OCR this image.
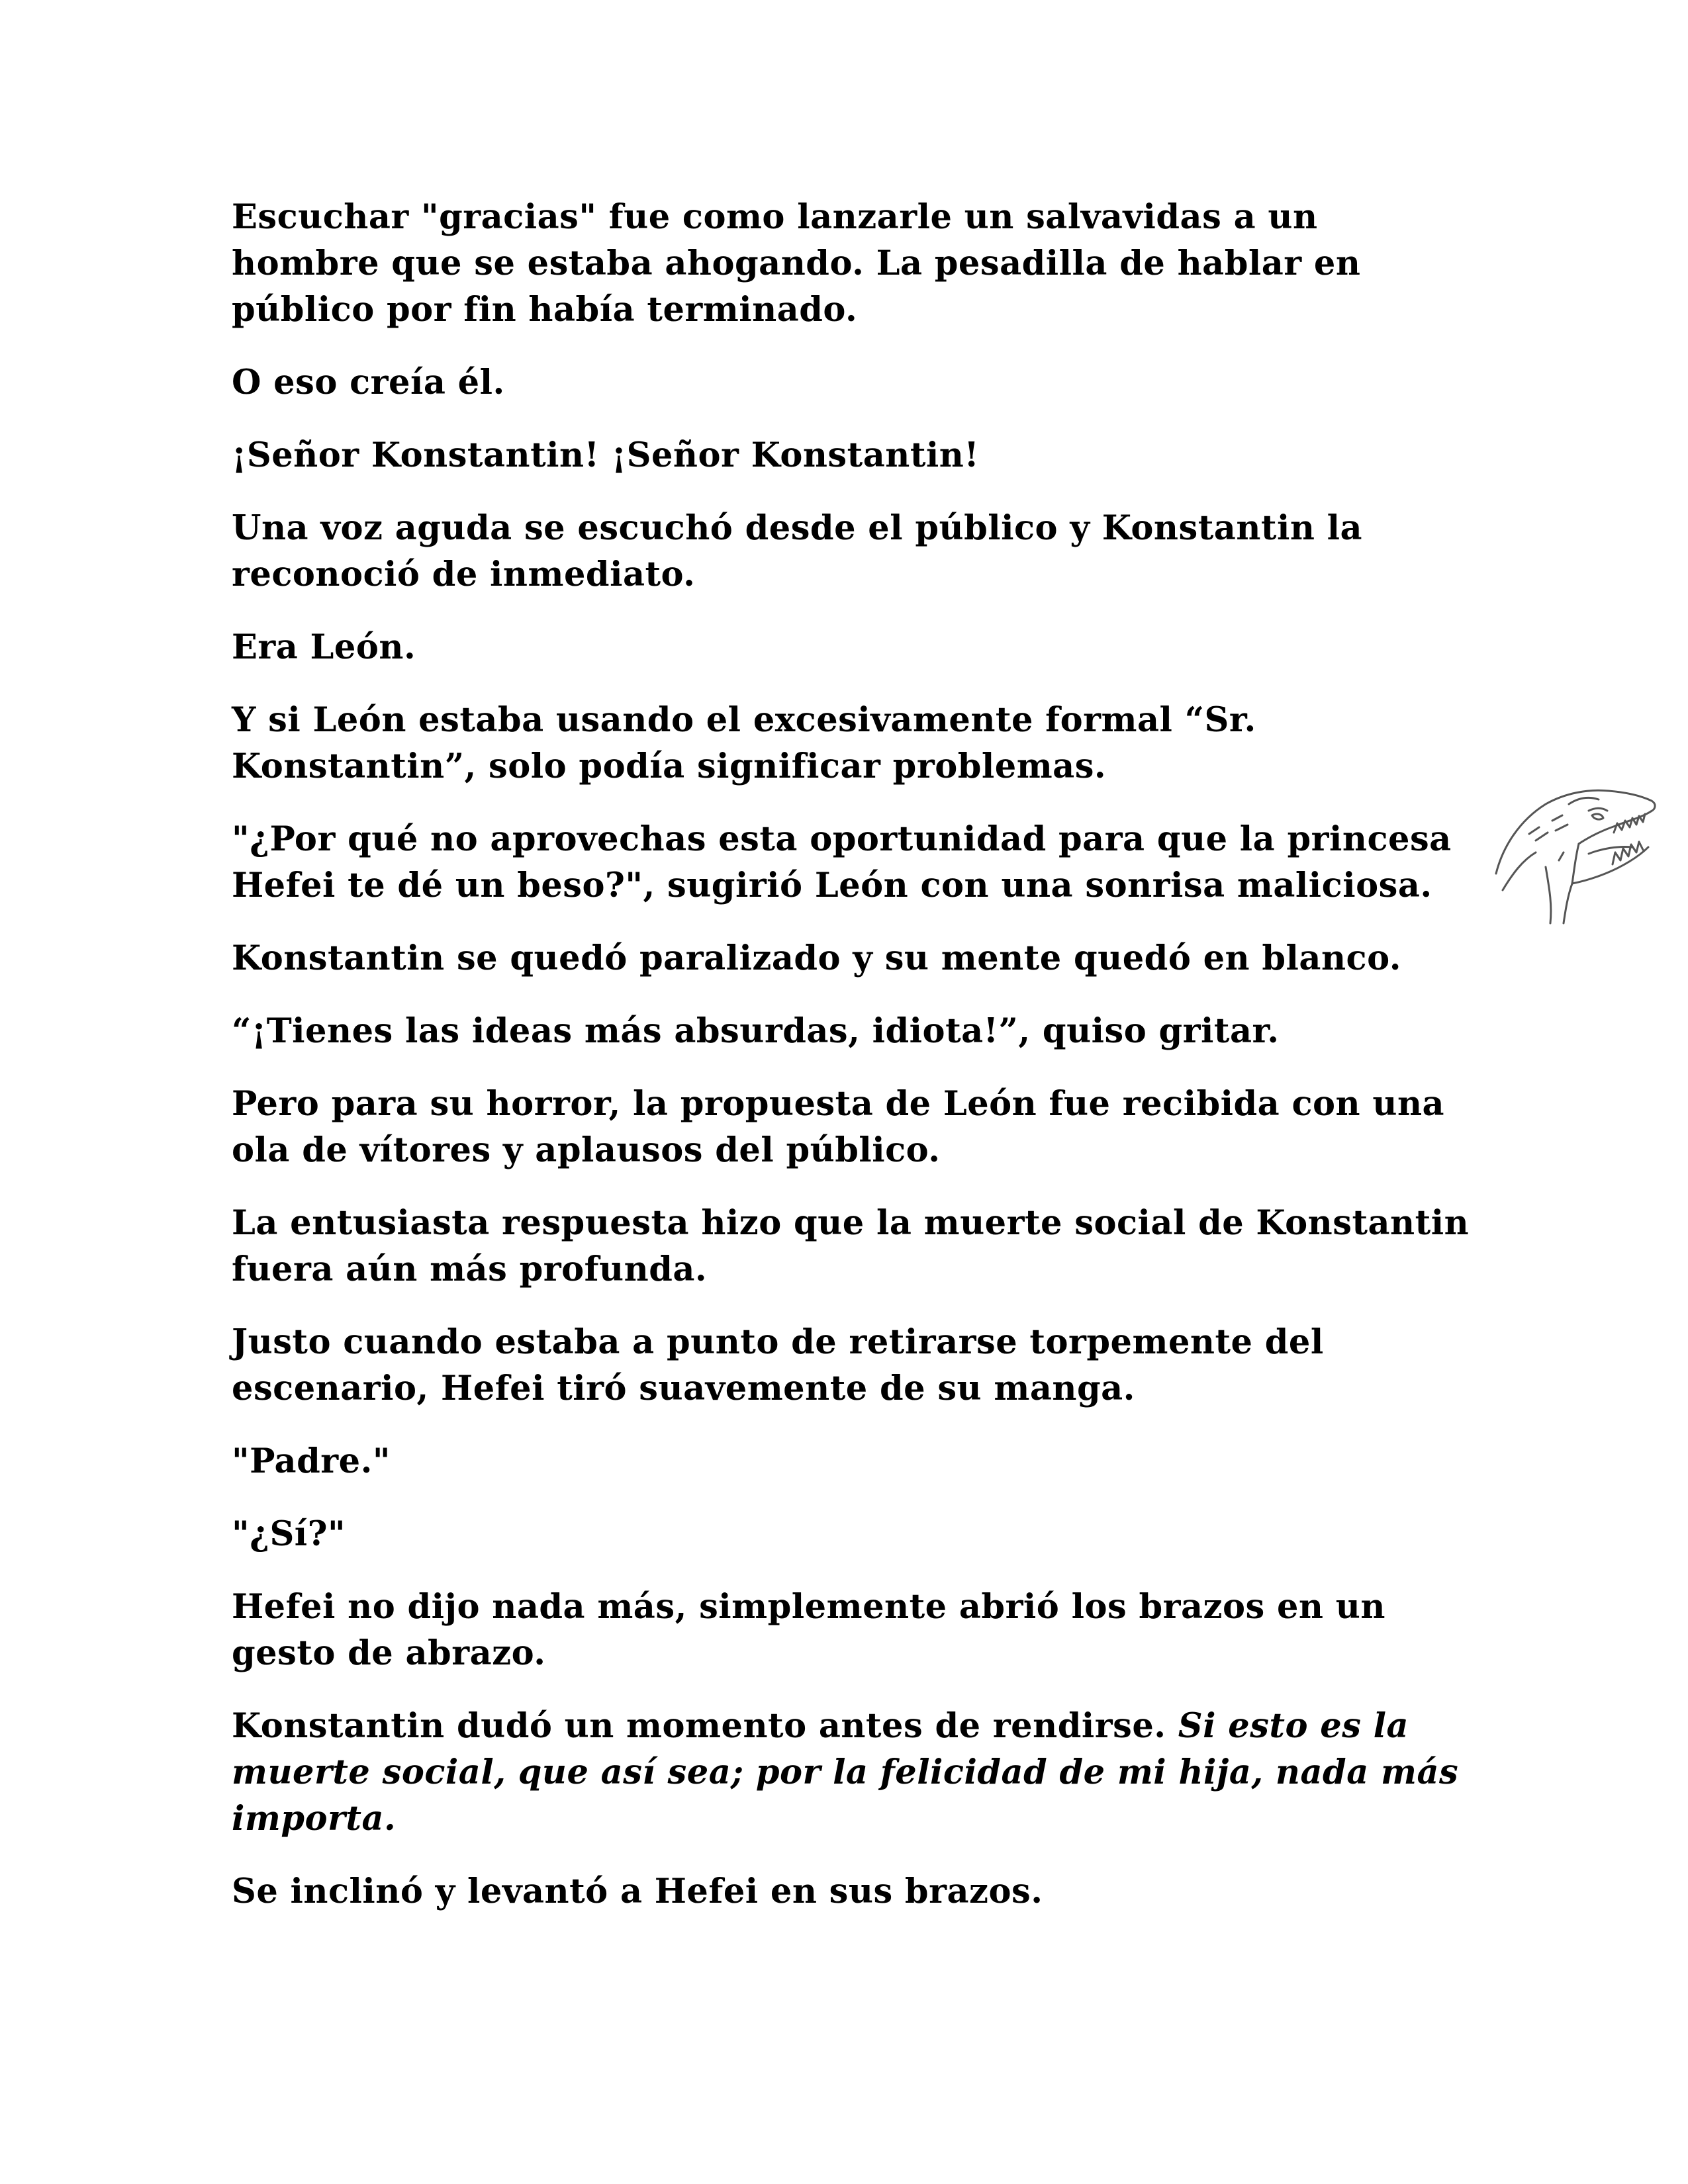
Escuchar "gracias" fue como lanzarle un salvavidas a un hombre que se estaba ahogando. La pesadilla de hablar en público por fin había terminado.

O eso creía él.

¡Señor Konstantin! ¡Señor Konstantin!

Una voz aguda se escuchó desde el público y Konstantin la reconoció de inmediato.

Era León.

Y si León estaba usando el excesivamente formal “Sr. Konstantin”, solo podía significar problemas.

"¿Por qué no aprovechas esta oportunidad para que la princesa Hefei te dé un beso?", sugirió León con una sonrisa maliciosa.

Konstantin se quedó paralizado y su mente quedó en blanco.

“¡Tienes las ideas más absurdas, idiota!”, quiso gritar.

Pero para su horror, la propuesta de León fue recibida con una ola de vítores y aplausos del público.

La entusiasta respuesta hizo que la muerte social de Konstantin fuera aún más profunda.

Justo cuando estaba a punto de retirarse torpemente del escenario, Hefei tiró suavemente de su manga.

"Padre."

"¿Sí?"

Hefei no dijo nada más, simplemente abrió los brazos en un gesto de abrazo.

Konstantin dudó un momento antes de rendirse. Si esto es la muerte social, que así sea; por la felicidad de mi hija, nada más importa.

Se inclinó y levantó a Hefei en sus brazos.
